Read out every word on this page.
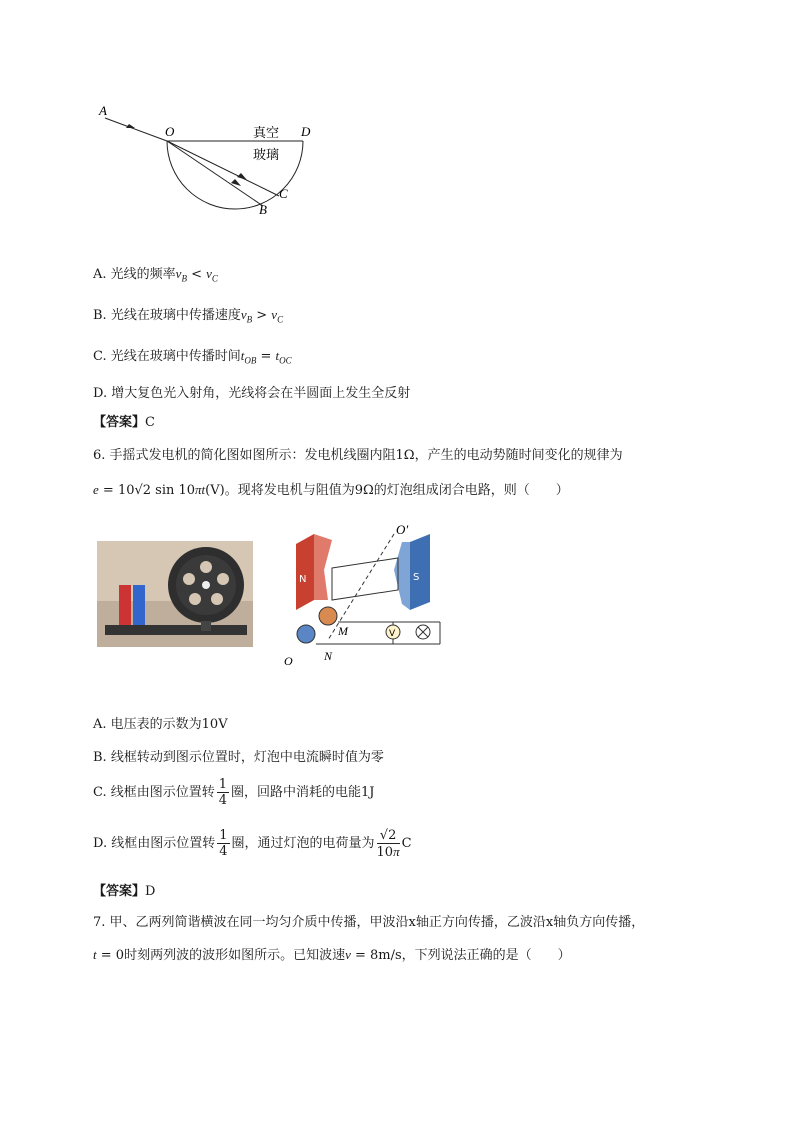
A
O	D
C
B
真空
玻璃
A. 光线的频率$\nu_B < \nu_C$
B. 光线在玻璃中传播速度$v_B > v_C$
C. 光线在玻璃中传播时间$t_{OB} = t_{OC}$
D. 增大复色光入射角，光线将会在半圆面上发生全反射
【答案】C
6. 手摇式发电机的简化图如图所示：发电机线圈内阻1Ω，产生的电动势随时间变化的规律为
e = 10√2 sin 10πt(V)。现将发电机与阻值为9Ω的灯泡组成闭合电路，则（　　）
V
N	S
O′
M
O	N
A. 电压表的示数为10V
B. 线框转动到图示位置时，灯泡中电流瞬时值为零
C. 线框由图示位置转 $\frac{1}{4}$ 圈，回路中消耗的电能1J
D. 线框由图示位置转 $\frac{1}{4}$ 圈，通过灯泡的电荷量为 $\frac{√2}{10\pi}$ C
【答案】D
7. 甲、乙两列简谐横波在同一均匀介质中传播，甲波沿x轴正方向传播，乙波沿x轴负方向传播，
t = 0时刻两列波的波形如图所示。已知波速v = 8m/s，下列说法正确的是（　　）
